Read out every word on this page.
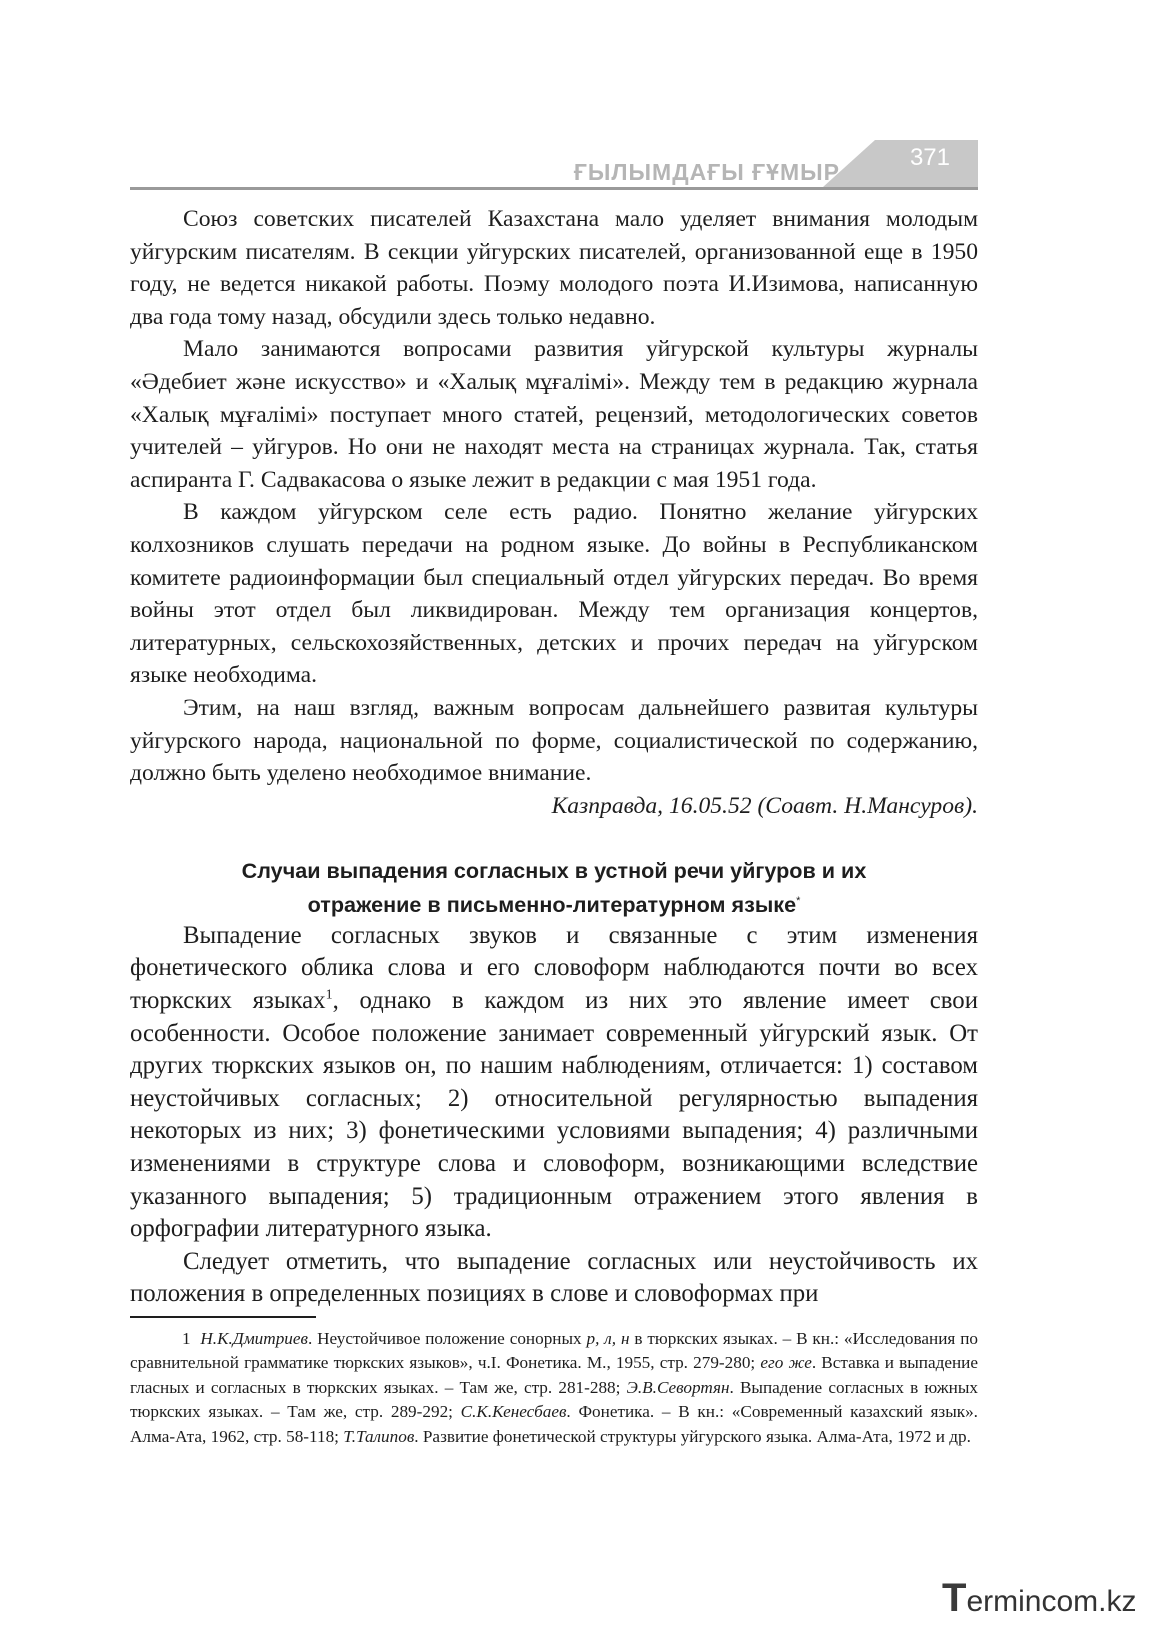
ҒЫЛЫМДАҒЫ ҒҰМЫР
371

Союз советских писателей Казахстана мало уделяет внимания молодым уйгурским писателям. В секции уйгурских писателей, организованной еще в 1950 году, не ведется никакой работы. Поэму молодого поэта И.Изимова, написанную два года тому назад, обсудили здесь только недавно.

Мало занимаются вопросами развития уйгурской культуры журналы «Әдебиет және искусство» и «Халық мұғалімі». Между тем в редакцию журнала «Халық мұғалімі» поступает много статей, рецензий, методологических советов учителей – уйгуров. Но они не находят места на страницах журнала. Так, статья аспиранта Г. Садвакасова о языке лежит в редакции с мая 1951 года.

В каждом уйгурском селе есть радио. Понятно желание уйгурских колхозников слушать передачи на родном языке. До войны в Республиканском комитете радиоинформации был специальный отдел уйгурских передач. Во время войны этот отдел был ликвидирован. Между тем организация концертов, литературных, сельскохозяйственных, детских и прочих передач на уйгурском языке необходима.

Этим, на наш взгляд, важным вопросам дальнейшего развитая культуры уйгурского народа, национальной по форме, социалистической по содержанию, должно быть уделено необходимое внимание.

Казправда, 16.05.52 (Соавт. Н.Мансуров).
Случаи выпадения согласных в устной речи уйгуров и их
отражение в письменно-литературном языке*

Выпадение согласных звуков и связанные с этим изменения фонетического облика слова и его словоформ наблюдаются почти во всех тюркских языках$^1$, однако в каждом из них это явление имеет свои особенности. Особое положение занимает современный уйгурский язык. От других тюркских языков он, по нашим наблюдениям, отличается: 1) составом неустойчивых согласных; 2) относительной регулярностью выпадения некоторых из них; 3) фонетическими условиями выпадения; 4) различными изменениями в структуре слова и словоформ, возникающими вследствие указанного выпадения; 5) традиционным отражением этого явления в орфографии литературного языка.

Следует отметить, что выпадение согласных или неустойчивость их положения в определенных позициях в слове и словоформах при

1 Н.К.Дмитриев. Неустойчивое положение сонорных р, л, н в тюркских языках. – В кн.: «Исследования по сравнительной грамматике тюркских языков», ч.I. Фонетика. М., 1955, стр. 279-280; его же. Вставка и выпадение гласных и согласных в тюркских языках. – Там же, стр. 281-288; Э.В.Севортян. Выпадение согласных в южных тюркских языках. – Там же, стр. 289-292; С.К.Кенесбаев. Фонетика. – В кн.: «Современный казахский язык». Алма-Ата, 1962, стр. 58-118; Т.Талипов. Развитие фонетической структуры уйгурского языка. Алма-Ата, 1972 и др.
Termincom.kz
